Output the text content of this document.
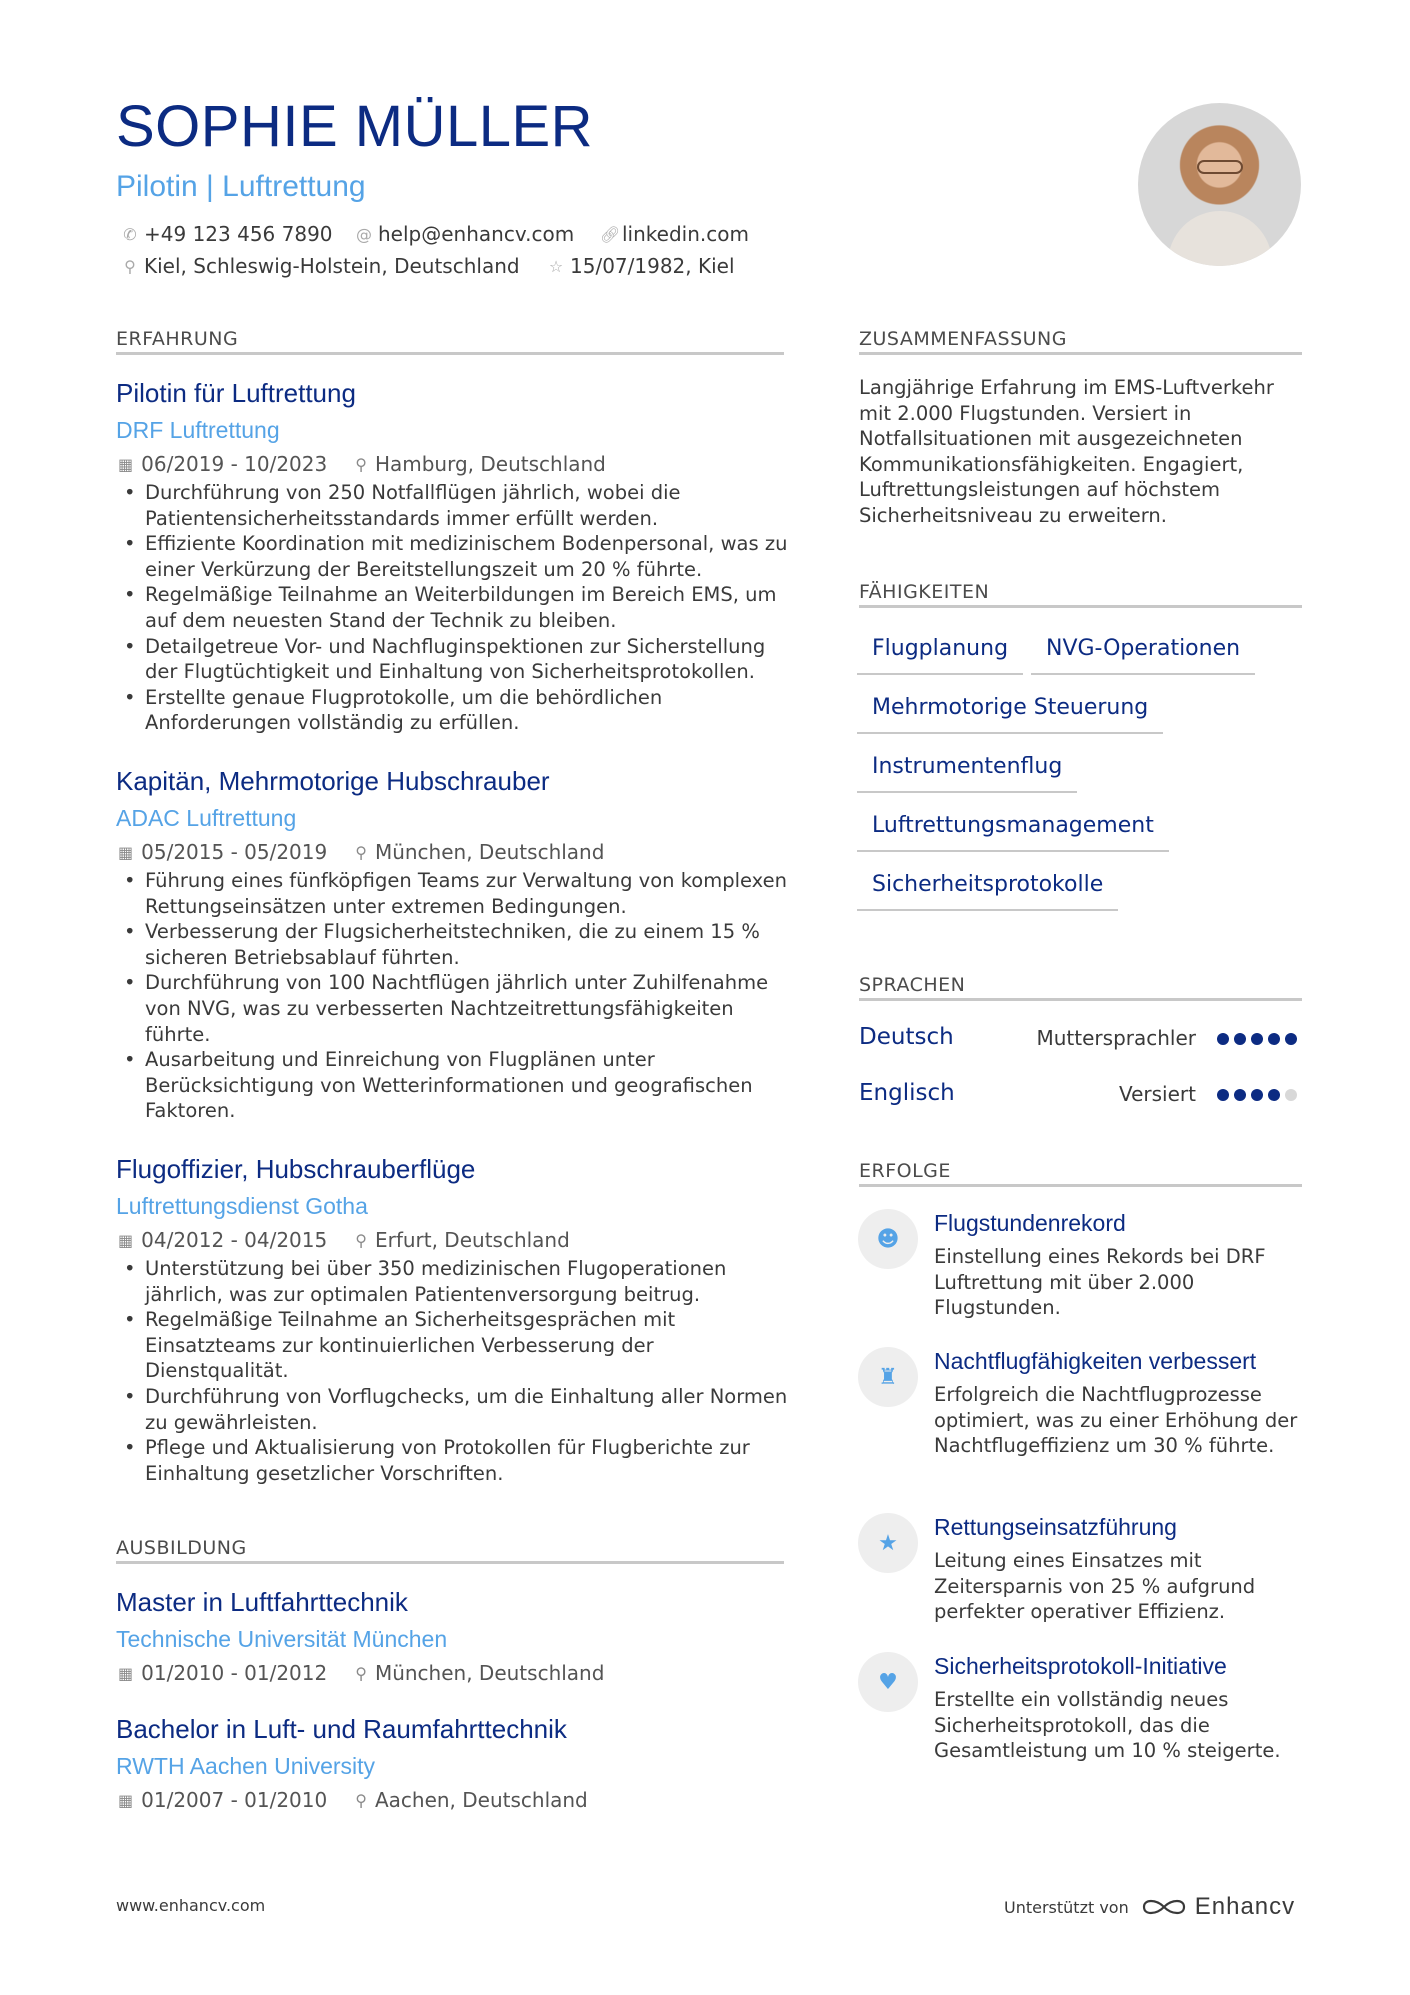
SOPHIE MÜLLER
Pilotin | Luftrettung
✆ +49 123 456 7890 @ help@enhancv.com 🔗︎ linkedin.com
⚲ Kiel, Schleswig-Holstein, Deutschland ☆ 15/07/1982, Kiel
ERFAHRUNG
Pilotin für Luftrettung
DRF Luftrettung
▦ 06/2019 - 10/2023 ⚲ Hamburg, Deutschland
• Durchführung von 250 Notfallflügen jährlich, wobei die Patientensicherheitsstandards immer erfüllt werden.
• Effiziente Koordination mit medizinischem Bodenpersonal, was zu einer Verkürzung der Bereitstellungszeit um 20 % führte.
• Regelmäßige Teilnahme an Weiterbildungen im Bereich EMS, um auf dem neuesten Stand der Technik zu bleiben.
• Detailgetreue Vor- und Nachfluginspektionen zur Sicherstellung der Flugtüchtigkeit und Einhaltung von Sicherheitsprotokollen.
• Erstellte genaue Flugprotokolle, um die behördlichen Anforderungen vollständig zu erfüllen.
Kapitän, Mehrmotorige Hubschrauber
ADAC Luftrettung
▦ 05/2015 - 05/2019 ⚲ München, Deutschland
• Führung eines fünfköpfigen Teams zur Verwaltung von komplexen Rettungseinsätzen unter extremen Bedingungen.
• Verbesserung der Flugsicherheitstechniken, die zu einem 15 % sicheren Betriebsablauf führten.
• Durchführung von 100 Nachtflügen jährlich unter Zuhilfenahme von NVG, was zu verbesserten Nachtzeitrettungsfähigkeiten führte.
• Ausarbeitung und Einreichung von Flugplänen unter Berücksichtigung von Wetterinformationen und geografischen Faktoren.
Flugoffizier, Hubschrauberflüge
Luftrettungsdienst Gotha
▦ 04/2012 - 04/2015 ⚲ Erfurt, Deutschland
• Unterstützung bei über 350 medizinischen Flugoperationen jährlich, was zur optimalen Patientenversorgung beitrug.
• Regelmäßige Teilnahme an Sicherheitsgesprächen mit Einsatzteams zur kontinuierlichen Verbesserung der Dienstqualität.
• Durchführung von Vorflugchecks, um die Einhaltung aller Normen zu gewährleisten.
• Pflege und Aktualisierung von Protokollen für Flugberichte zur Einhaltung gesetzlicher Vorschriften.
AUSBILDUNG
Master in Luftfahrttechnik
Technische Universität München
▦ 01/2010 - 01/2012 ⚲ München, Deutschland
Bachelor in Luft- und Raumfahrttechnik
RWTH Aachen University
▦ 01/2007 - 01/2010 ⚲ Aachen, Deutschland
ZUSAMMENFASSUNG
Langjährige Erfahrung im EMS-Luftverkehr mit 2.000 Flugstunden. Versiert in Notfallsituationen mit ausgezeichneten Kommunikationsfähigkeiten. Engagiert, Luftrettungsleistungen auf höchstem Sicherheitsniveau zu erweitern.
FÄHIGKEITEN
Flugplanung	NVG-Operationen
Mehrmotorige Steuerung
Instrumentenflug
Luftrettungsmanagement
Sicherheitsprotokolle
SPRACHEN
Deutsch	Muttersprachler
Englisch	Versiert
ERFOLGE
☻
Flugstundenrekord
Einstellung eines Rekords bei DRF Luftrettung mit über 2.000 Flugstunden.
♜
Nachtflugfähigkeiten verbessert
Erfolgreich die Nachtflugprozesse optimiert, was zu einer Erhöhung der Nachtflugeffizienz um 30 % führte.
★
Rettungseinsatzführung
Leitung eines Einsatzes mit Zeitersparnis von 25 % aufgrund perfekter operativer Effizienz.
♥
Sicherheitsprotokoll-Initiative
Erstellte ein vollständig neues Sicherheitsprotokoll, das die Gesamtleistung um 10 % steigerte.
www.enhancv.com	Unterstützt von	Enhancv
